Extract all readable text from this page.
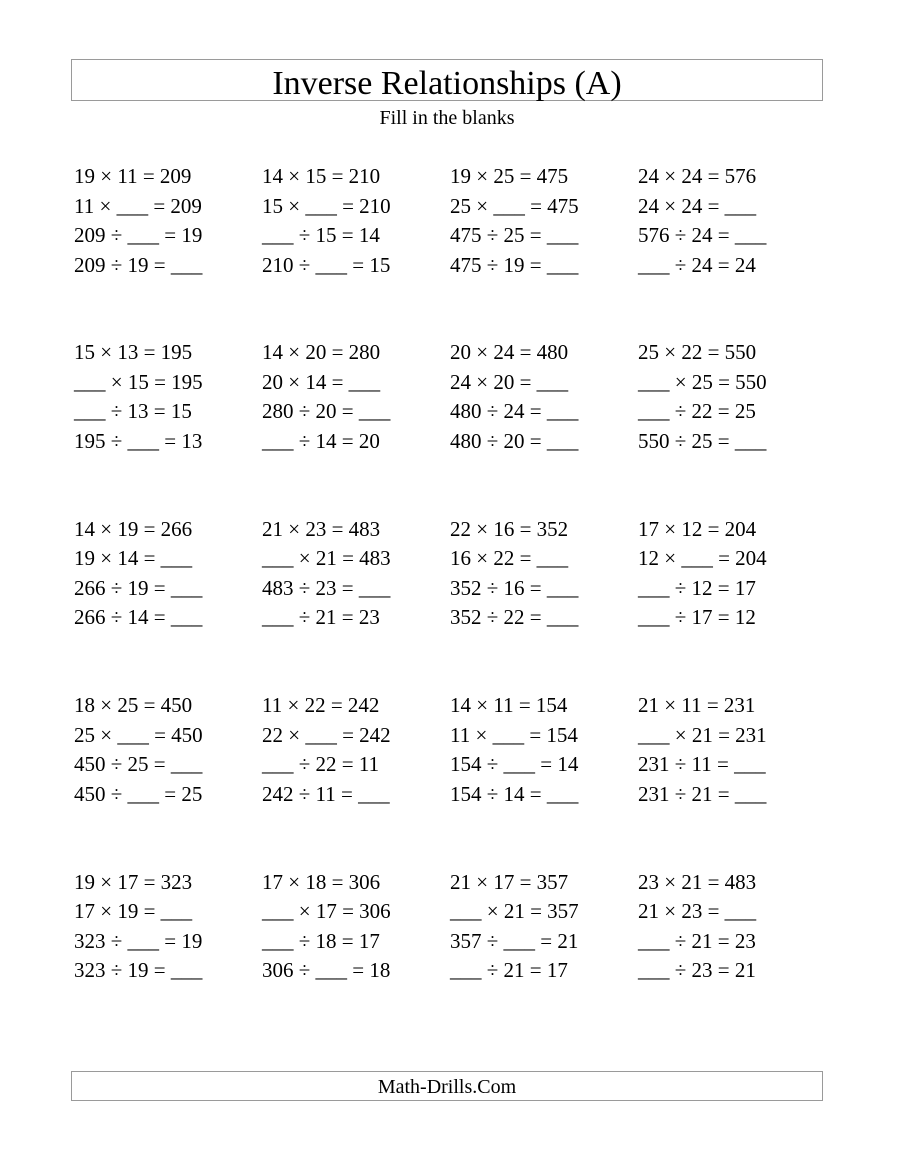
Inverse Relationships (A)
Fill in the blanks
19 × 11 = 209
11 × ___ = 209
209 ÷ ___ = 19
209 ÷ 19 = ___
14 × 15 = 210
15 × ___ = 210
___ ÷ 15 = 14
210 ÷ ___ = 15
19 × 25 = 475
25 × ___ = 475
475 ÷ 25 = ___
475 ÷ 19 = ___
24 × 24 = 576
24 × 24 = ___
576 ÷ 24 = ___
___ ÷ 24 = 24
15 × 13 = 195
___ × 15 = 195
___ ÷ 13 = 15
195 ÷ ___ = 13
14 × 20 = 280
20 × 14 = ___
280 ÷ 20 = ___
___ ÷ 14 = 20
20 × 24 = 480
24 × 20 = ___
480 ÷ 24 = ___
480 ÷ 20 = ___
25 × 22 = 550
___ × 25 = 550
___ ÷ 22 = 25
550 ÷ 25 = ___
14 × 19 = 266
19 × 14 = ___
266 ÷ 19 = ___
266 ÷ 14 = ___
21 × 23 = 483
___ × 21 = 483
483 ÷ 23 = ___
___ ÷ 21 = 23
22 × 16 = 352
16 × 22 = ___
352 ÷ 16 = ___
352 ÷ 22 = ___
17 × 12 = 204
12 × ___ = 204
___ ÷ 12 = 17
___ ÷ 17 = 12
18 × 25 = 450
25 × ___ = 450
450 ÷ 25 = ___
450 ÷ ___ = 25
11 × 22 = 242
22 × ___ = 242
___ ÷ 22 = 11
242 ÷ 11 = ___
14 × 11 = 154
11 × ___ = 154
154 ÷ ___ = 14
154 ÷ 14 = ___
21 × 11 = 231
___ × 21 = 231
231 ÷ 11 = ___
231 ÷ 21 = ___
19 × 17 = 323
17 × 19 = ___
323 ÷ ___ = 19
323 ÷ 19 = ___
17 × 18 = 306
___ × 17 = 306
___ ÷ 18 = 17
306 ÷ ___ = 18
21 × 17 = 357
___ × 21 = 357
357 ÷ ___ = 21
___ ÷ 21 = 17
23 × 21 = 483
21 × 23 = ___
___ ÷ 21 = 23
___ ÷ 23 = 21
Math-Drills.Com
